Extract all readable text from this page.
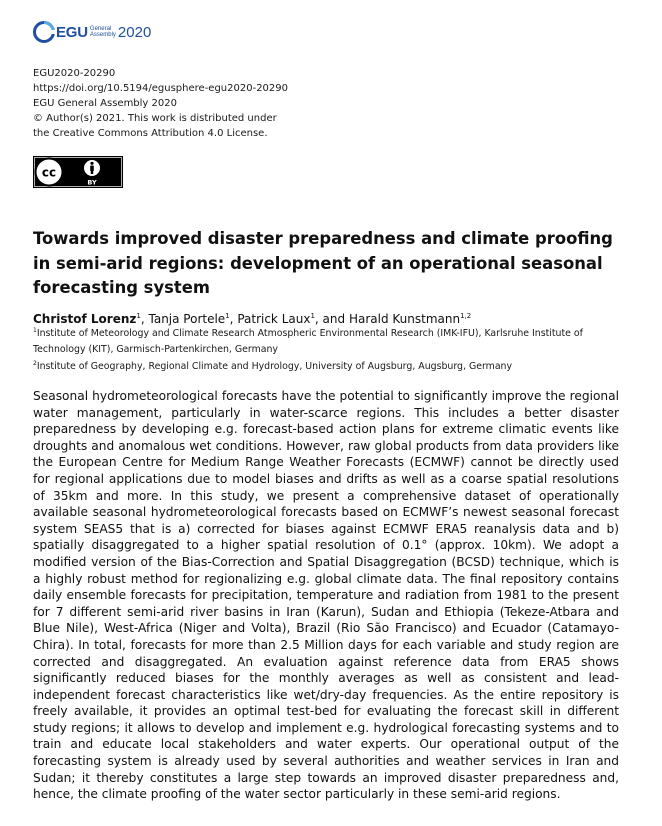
EGU General
Assembly 2020
EGU2020-20290
https://doi.org/10.5194/egusphere-egu2020-20290
EGU General Assembly 2020
© Author(s) 2021. This work is distributed under
the Creative Commons Attribution 4.0 License.
cc
BY
Towards improved disaster preparedness and climate proofing in semi-arid regions: development of an operational seasonal forecasting system
Christof Lorenz$^1$, Tanja Portele$^1$, Patrick Laux$^1$, and Harald Kunstmann$^{1,2}$
$^1$Institute of Meteorology and Climate Research Atmospheric Environmental Research (IMK-IFU), Karlsruhe Institute of Technology (KIT), Garmisch-Partenkirchen, Germany
$^2$Institute of Geography, Regional Climate and Hydrology, University of Augsburg, Augsburg, Germany

Seasonal hydrometeorological forecasts have the potential to significantly improve the regional water management, particularly in water-scarce regions. This includes a better disaster preparedness by developing e.g. forecast-based action plans for extreme climatic events like droughts and anomalous wet conditions. However, raw global products from data providers like the European Centre for Medium Range Weather Forecasts (ECMWF) cannot be directly used for regional applications due to model biases and drifts as well as a coarse spatial resolutions of 35km and more. In this study, we present a comprehensive dataset of operationally available seasonal hydrometeorological forecasts based on ECMWF’s newest seasonal forecast system SEAS5 that is a) corrected for biases against ECMWF ERA5 reanalysis data and b) spatially disaggregated to a higher spatial resolution of 0.1° (approx. 10km). We adopt a modified version of the Bias-Correction and Spatial Disaggregation (BCSD) technique, which is a highly robust method for regionalizing e.g. global climate data. The final repository contains daily ensemble forecasts for precipitation, temperature and radiation from 1981 to the present for 7 different semi-arid river basins in Iran (Karun), Sudan and Ethiopia (Tekeze-Atbara and Blue Nile), West-Africa (Niger and Volta), Brazil (Rio São Francisco) and Ecuador (Catamayo-Chira). In total, forecasts for more than 2.5 Million days for each variable and study region are corrected and disaggregated. An evaluation against reference data from ERA5 shows significantly reduced biases for the monthly averages as well as consistent and lead-independent forecast characteristics like wet/dry-day frequencies. As the entire repository is freely available, it provides an optimal test-bed for evaluating the forecast skill in different study regions; it allows to develop and implement e.g. hydrological forecasting systems and to train and educate local stakeholders and water experts. Our operational output of the forecasting system is already used by several authorities and weather services in Iran and Sudan; it thereby constitutes a large step towards an improved disaster preparedness and, hence, the climate proofing of the water sector particularly in these semi-arid regions.
